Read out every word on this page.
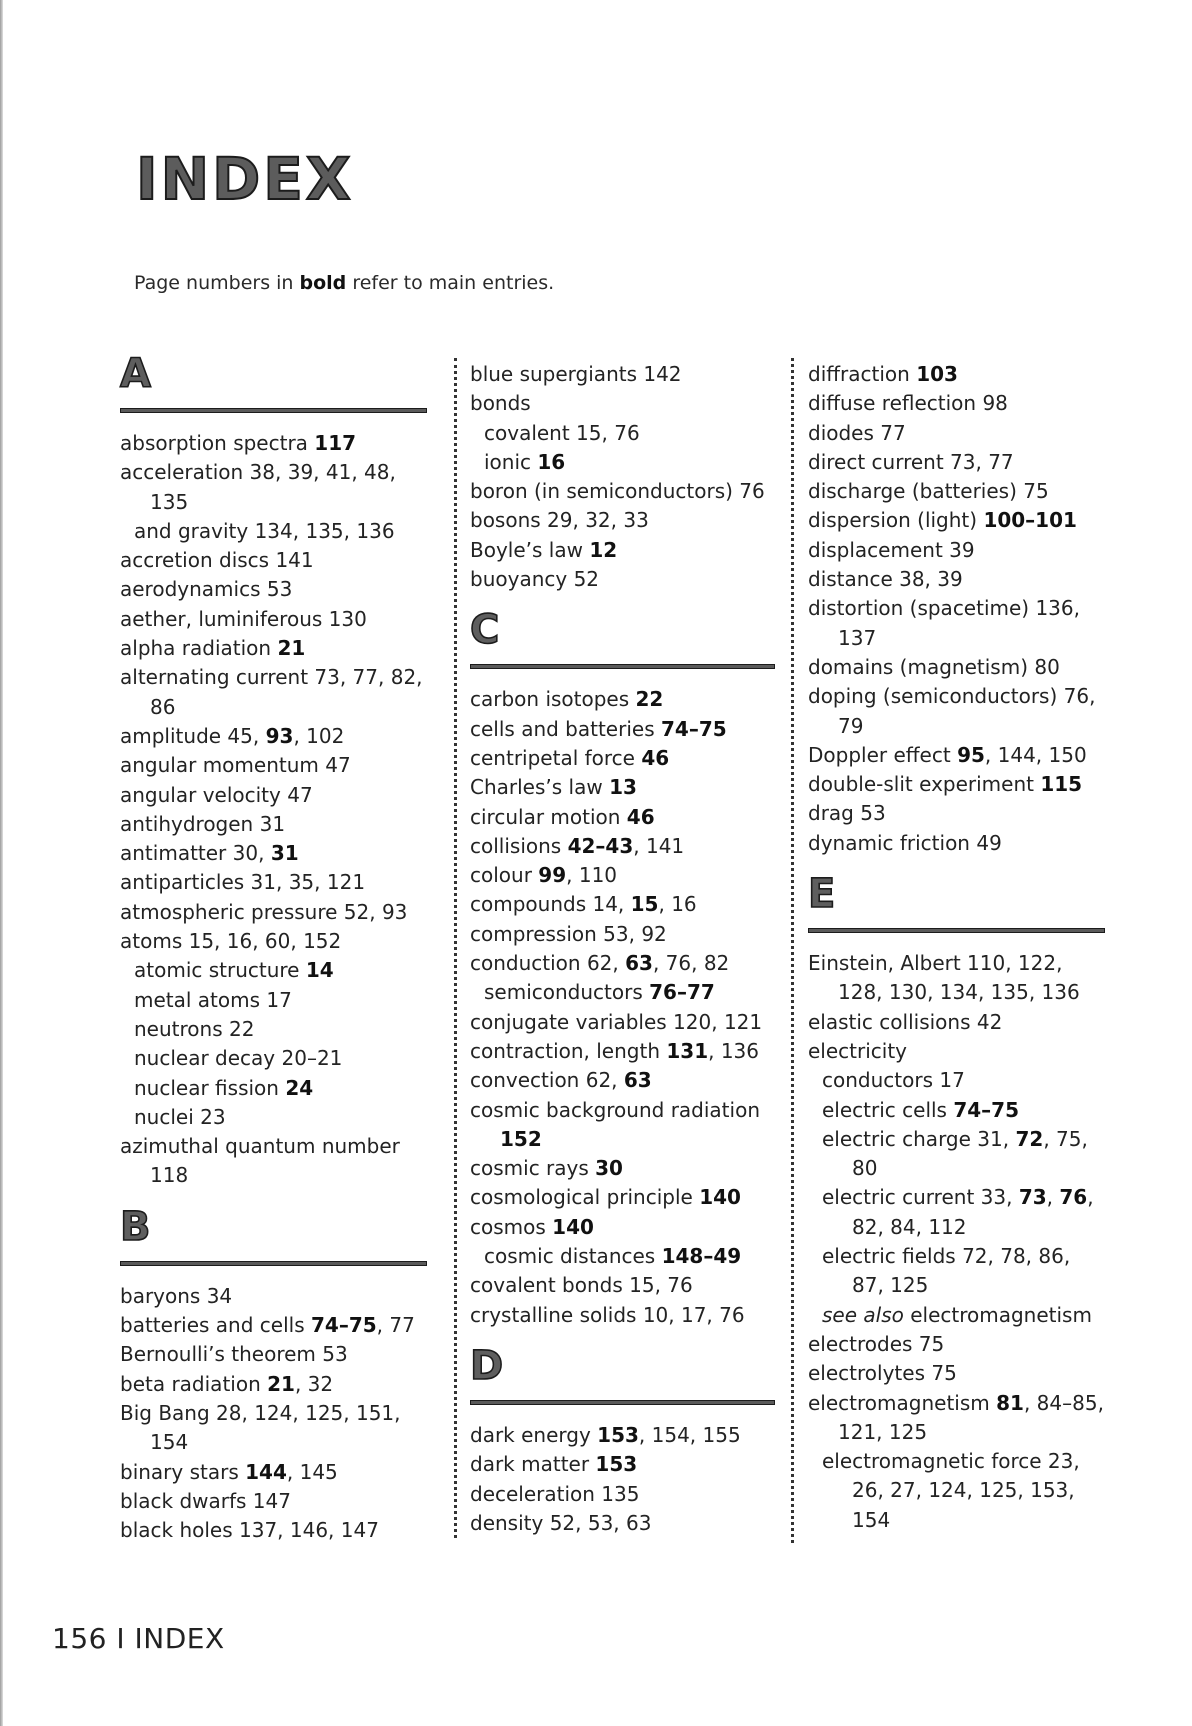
INDEX
Page numbers in bold refer to main entries.
A
absorption spectra 117
acceleration 38, 39, 41, 48, 135
and gravity 134, 135, 136
accretion discs 141
aerodynamics 53
aether, luminiferous 130
alpha radiation 21
alternating current 73, 77, 82, 86
amplitude 45, 93, 102
angular momentum 47
angular velocity 47
antihydrogen 31
antimatter 30, 31
antiparticles 31, 35, 121
atmospheric pressure 52, 93
atoms 15, 16, 60, 152
atomic structure 14
metal atoms 17
neutrons 22
nuclear decay 20–21
nuclear fission 24
nuclei 23
azimuthal quantum number 118
B
baryons 34
batteries and cells 74–75, 77
Bernoulli’s theorem 53
beta radiation 21, 32
Big Bang 28, 124, 125, 151, 154
binary stars 144, 145
black dwarfs 147
black holes 137, 146, 147
blue supergiants 142
bonds
covalent 15, 76
ionic 16
boron (in semiconductors) 76
bosons 29, 32, 33
Boyle’s law 12
buoyancy 52
C
carbon isotopes 22
cells and batteries 74–75
centripetal force 46
Charles’s law 13
circular motion 46
collisions 42–43, 141
colour 99, 110
compounds 14, 15, 16
compression 53, 92
conduction 62, 63, 76, 82
semiconductors 76–77
conjugate variables 120, 121
contraction, length 131, 136
convection 62, 63
cosmic background radiation 152
cosmic rays 30
cosmological principle 140
cosmos 140
cosmic distances 148–49
covalent bonds 15, 76
crystalline solids 10, 17, 76
D
dark energy 153, 154, 155
dark matter 153
deceleration 135
density 52, 53, 63
diffraction 103
diffuse reflection 98
diodes 77
direct current 73, 77
discharge (batteries) 75
dispersion (light) 100–101
displacement 39
distance 38, 39
distortion (spacetime) 136, 137
domains (magnetism) 80
doping (semiconductors) 76, 79
Doppler effect 95, 144, 150
double-slit experiment 115
drag 53
dynamic friction 49
E
Einstein, Albert 110, 122, 128, 130, 134, 135, 136
elastic collisions 42
electricity
conductors 17
electric cells 74–75
electric charge 31, 72, 75, 80
electric current 33, 73, 76, 82, 84, 112
electric fields 72, 78, 86, 87, 125
see also electromagnetism
electrodes 75
electrolytes 75
electromagnetism 81, 84–85, 121, 125
electromagnetic force 23, 26, 27, 124, 125, 153, 154
156 I INDEX
